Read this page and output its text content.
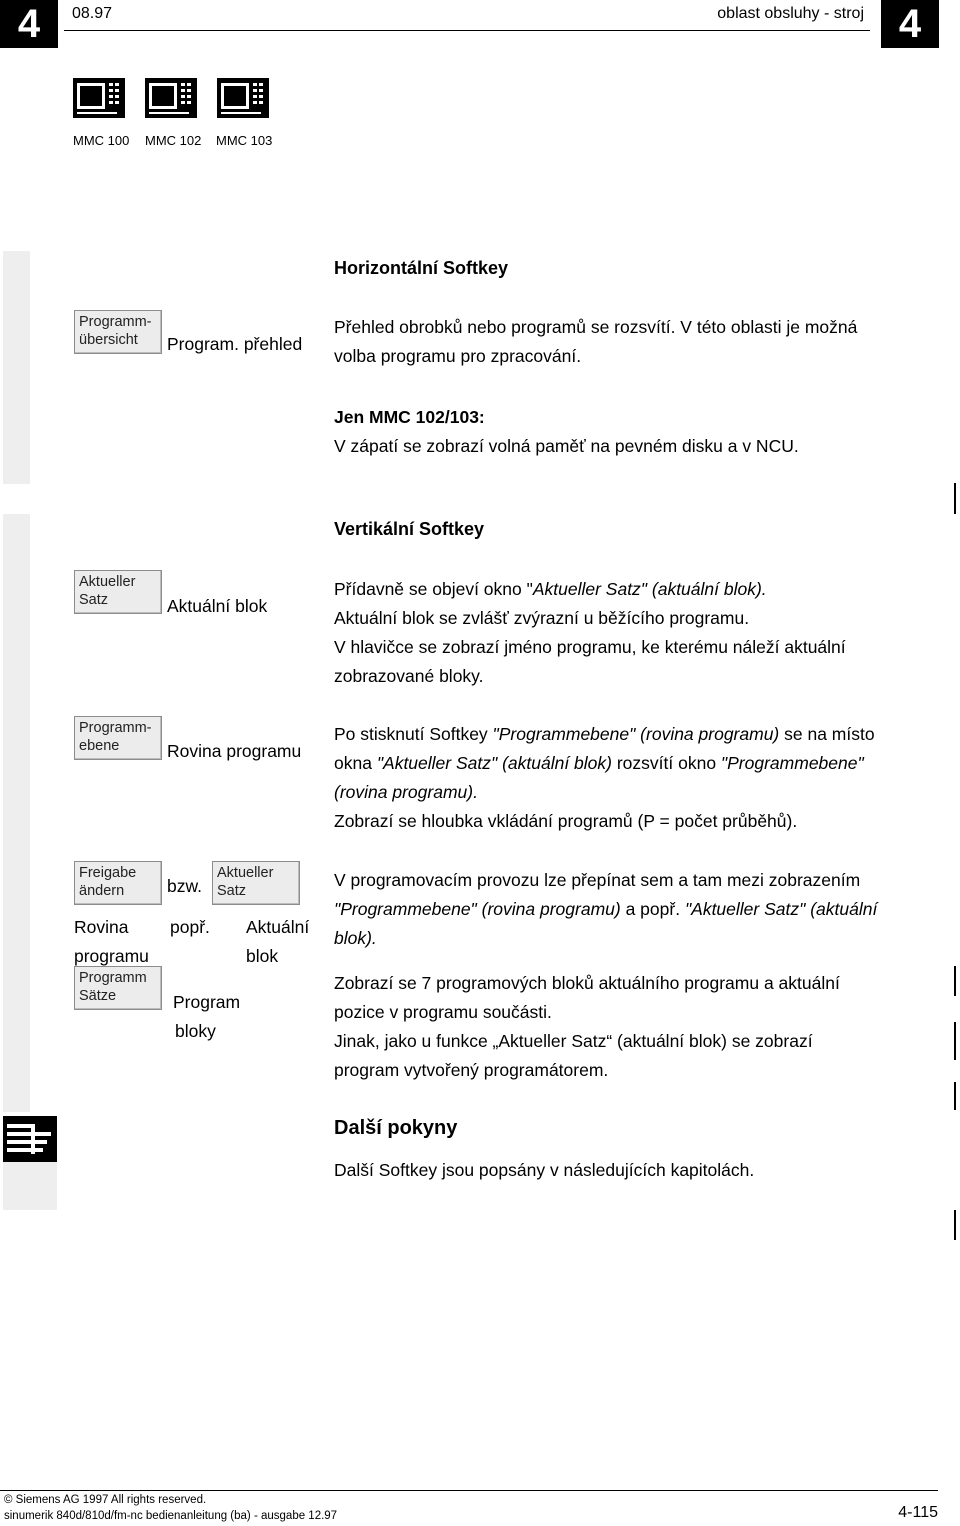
4	4
08.97	oblast obsluhy - stroj
MMC 100 MMC 102 MMC 103
Horizontální Softkey
Programm-
übersicht	Program. přehled
Přehled obrobků nebo programů se rozsvítí. V této oblasti je možná
volba programu pro zpracování.
Jen MMC 102/103:
V zápatí se zobrazí volná paměť na pevném disku a v NCU.
Vertikální Softkey
Aktueller
Satz	Aktuální blok
Přídavně se objeví okno "Aktueller Satz" (aktuální blok).
Aktuální blok se zvlášť zvýrazní u běžícího programu.
V hlavičce se zobrazí jméno programu, ke kterému náleží aktuální
zobrazované bloky.
Programm-
ebene	Rovina programu
Po stisknutí Softkey "Programmebene" (rovina programu) se na místo
okna "Aktueller Satz" (aktuální blok) rozsvítí okno "Programmebene"
(rovina programu).
Zobrazí se hloubka vkládání programů (P = počet průběhů).
Freigabe
ändern	bzw.
Aktueller
Satz
Rovina popř. Aktuální
programu	blok
Programm
Sätze	Program
bloky
V programovacím provozu lze přepínat sem a tam mezi zobrazením
"Programmebene" (rovina programu) a popř. "Aktueller Satz" (aktuální
blok).
Zobrazí se 7 programových bloků aktuálního programu a aktuální
pozice v programu součásti.
Jinak, jako u funkce „Aktueller Satz“ (aktuální blok) se zobrazí
program vytvořený programátorem.
Další pokyny
Další Softkey jsou popsány v následujících kapitolách.
© Siemens AG 1997 All rights reserved.
sinumerik 840d/810d/fm-nc bedienanleitung (ba) - ausgabe 12.97	4-115
